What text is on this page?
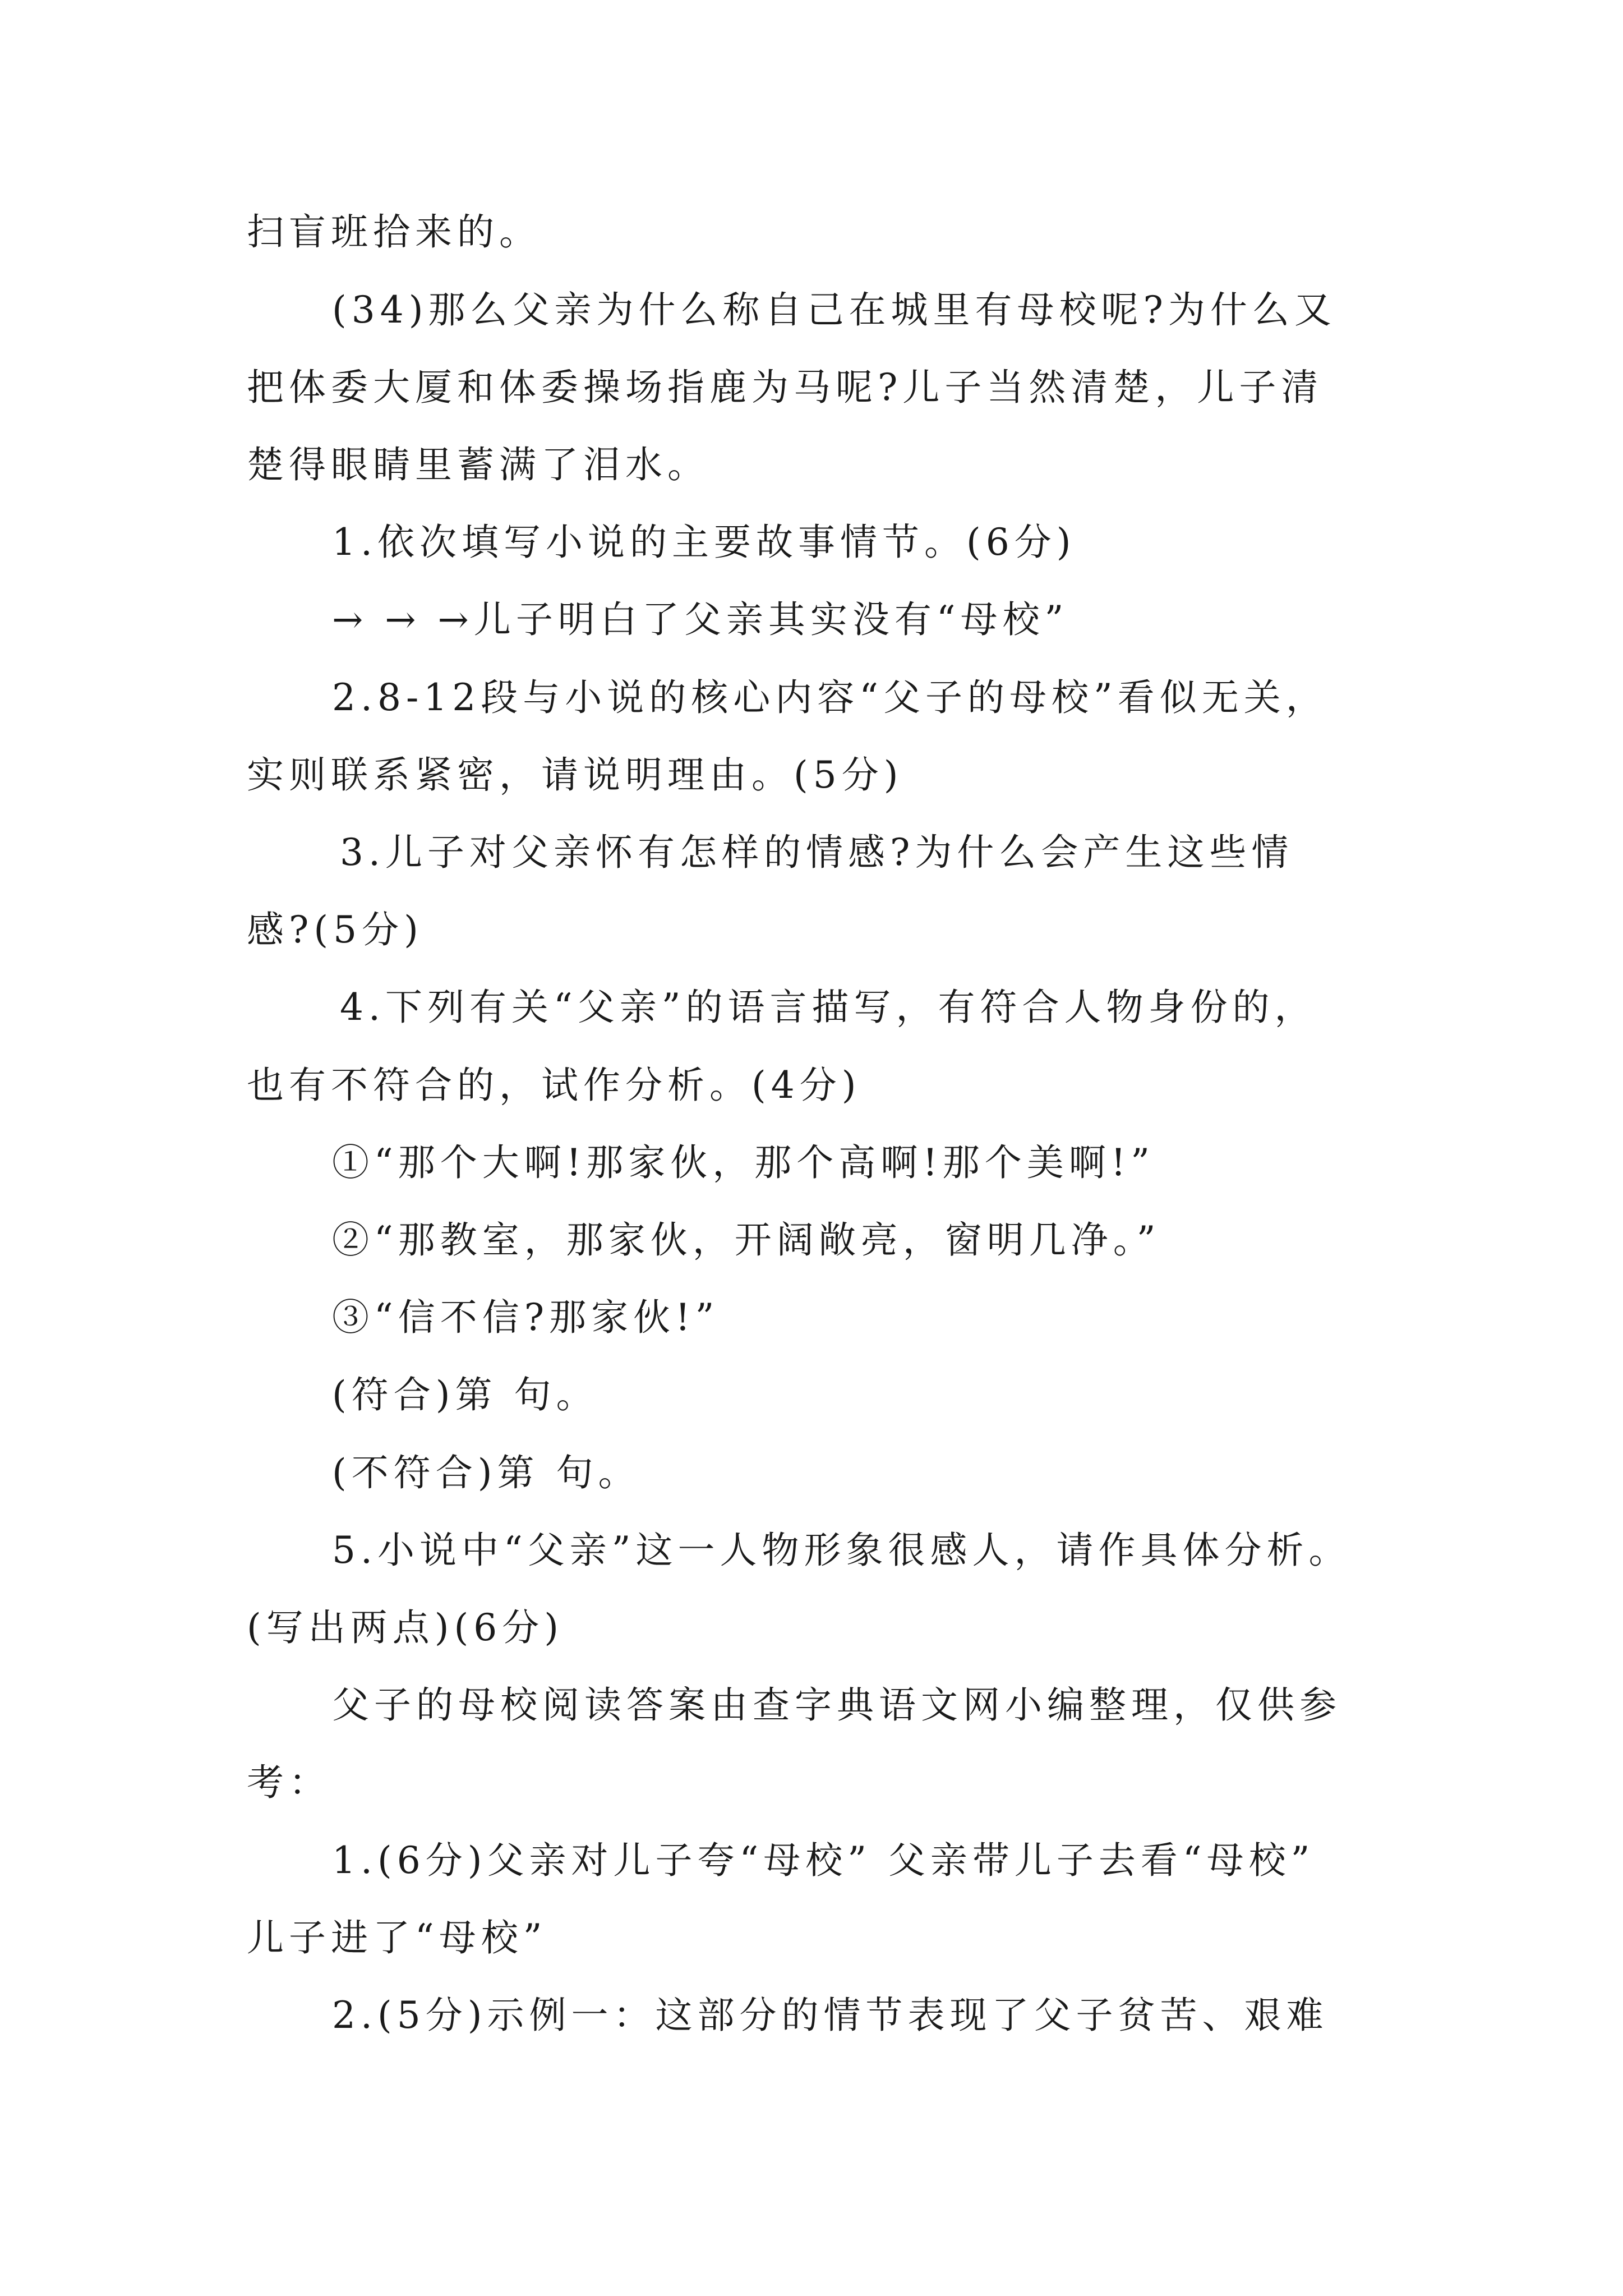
扫盲班拾来的。
(34)那么父亲为什么称自己在城里有母校呢?为什么又
把体委大厦和体委操场指鹿为马呢?儿子当然清楚，儿子清
楚得眼睛里蓄满了泪水。
1.依次填写小说的主要故事情节。(6分)
→ → →儿子明白了父亲其实没有“母校”
2.8-12段与小说的核心内容“父子的母校”看似无关，
实则联系紧密，请说明理由。(5分)
3.儿子对父亲怀有怎样的情感?为什么会产生这些情
感?(5分)
4.下列有关“父亲”的语言描写，有符合人物身份的，
也有不符合的，试作分析。(4分)
①“那个大啊!那家伙，那个高啊!那个美啊!”
②“那教室，那家伙，开阔敞亮，窗明几净。”
③“信不信?那家伙!”
(符合)第 句。
(不符合)第 句。
5.小说中“父亲”这一人物形象很感人，请作具体分析。
(写出两点)(6分)
父子的母校阅读答案由查字典语文网小编整理，仅供参
考：
1.(6分)父亲对儿子夸“母校” 父亲带儿子去看“母校”
儿子进了“母校”
2.(5分)示例一：这部分的情节表现了父子贫苦、艰难
